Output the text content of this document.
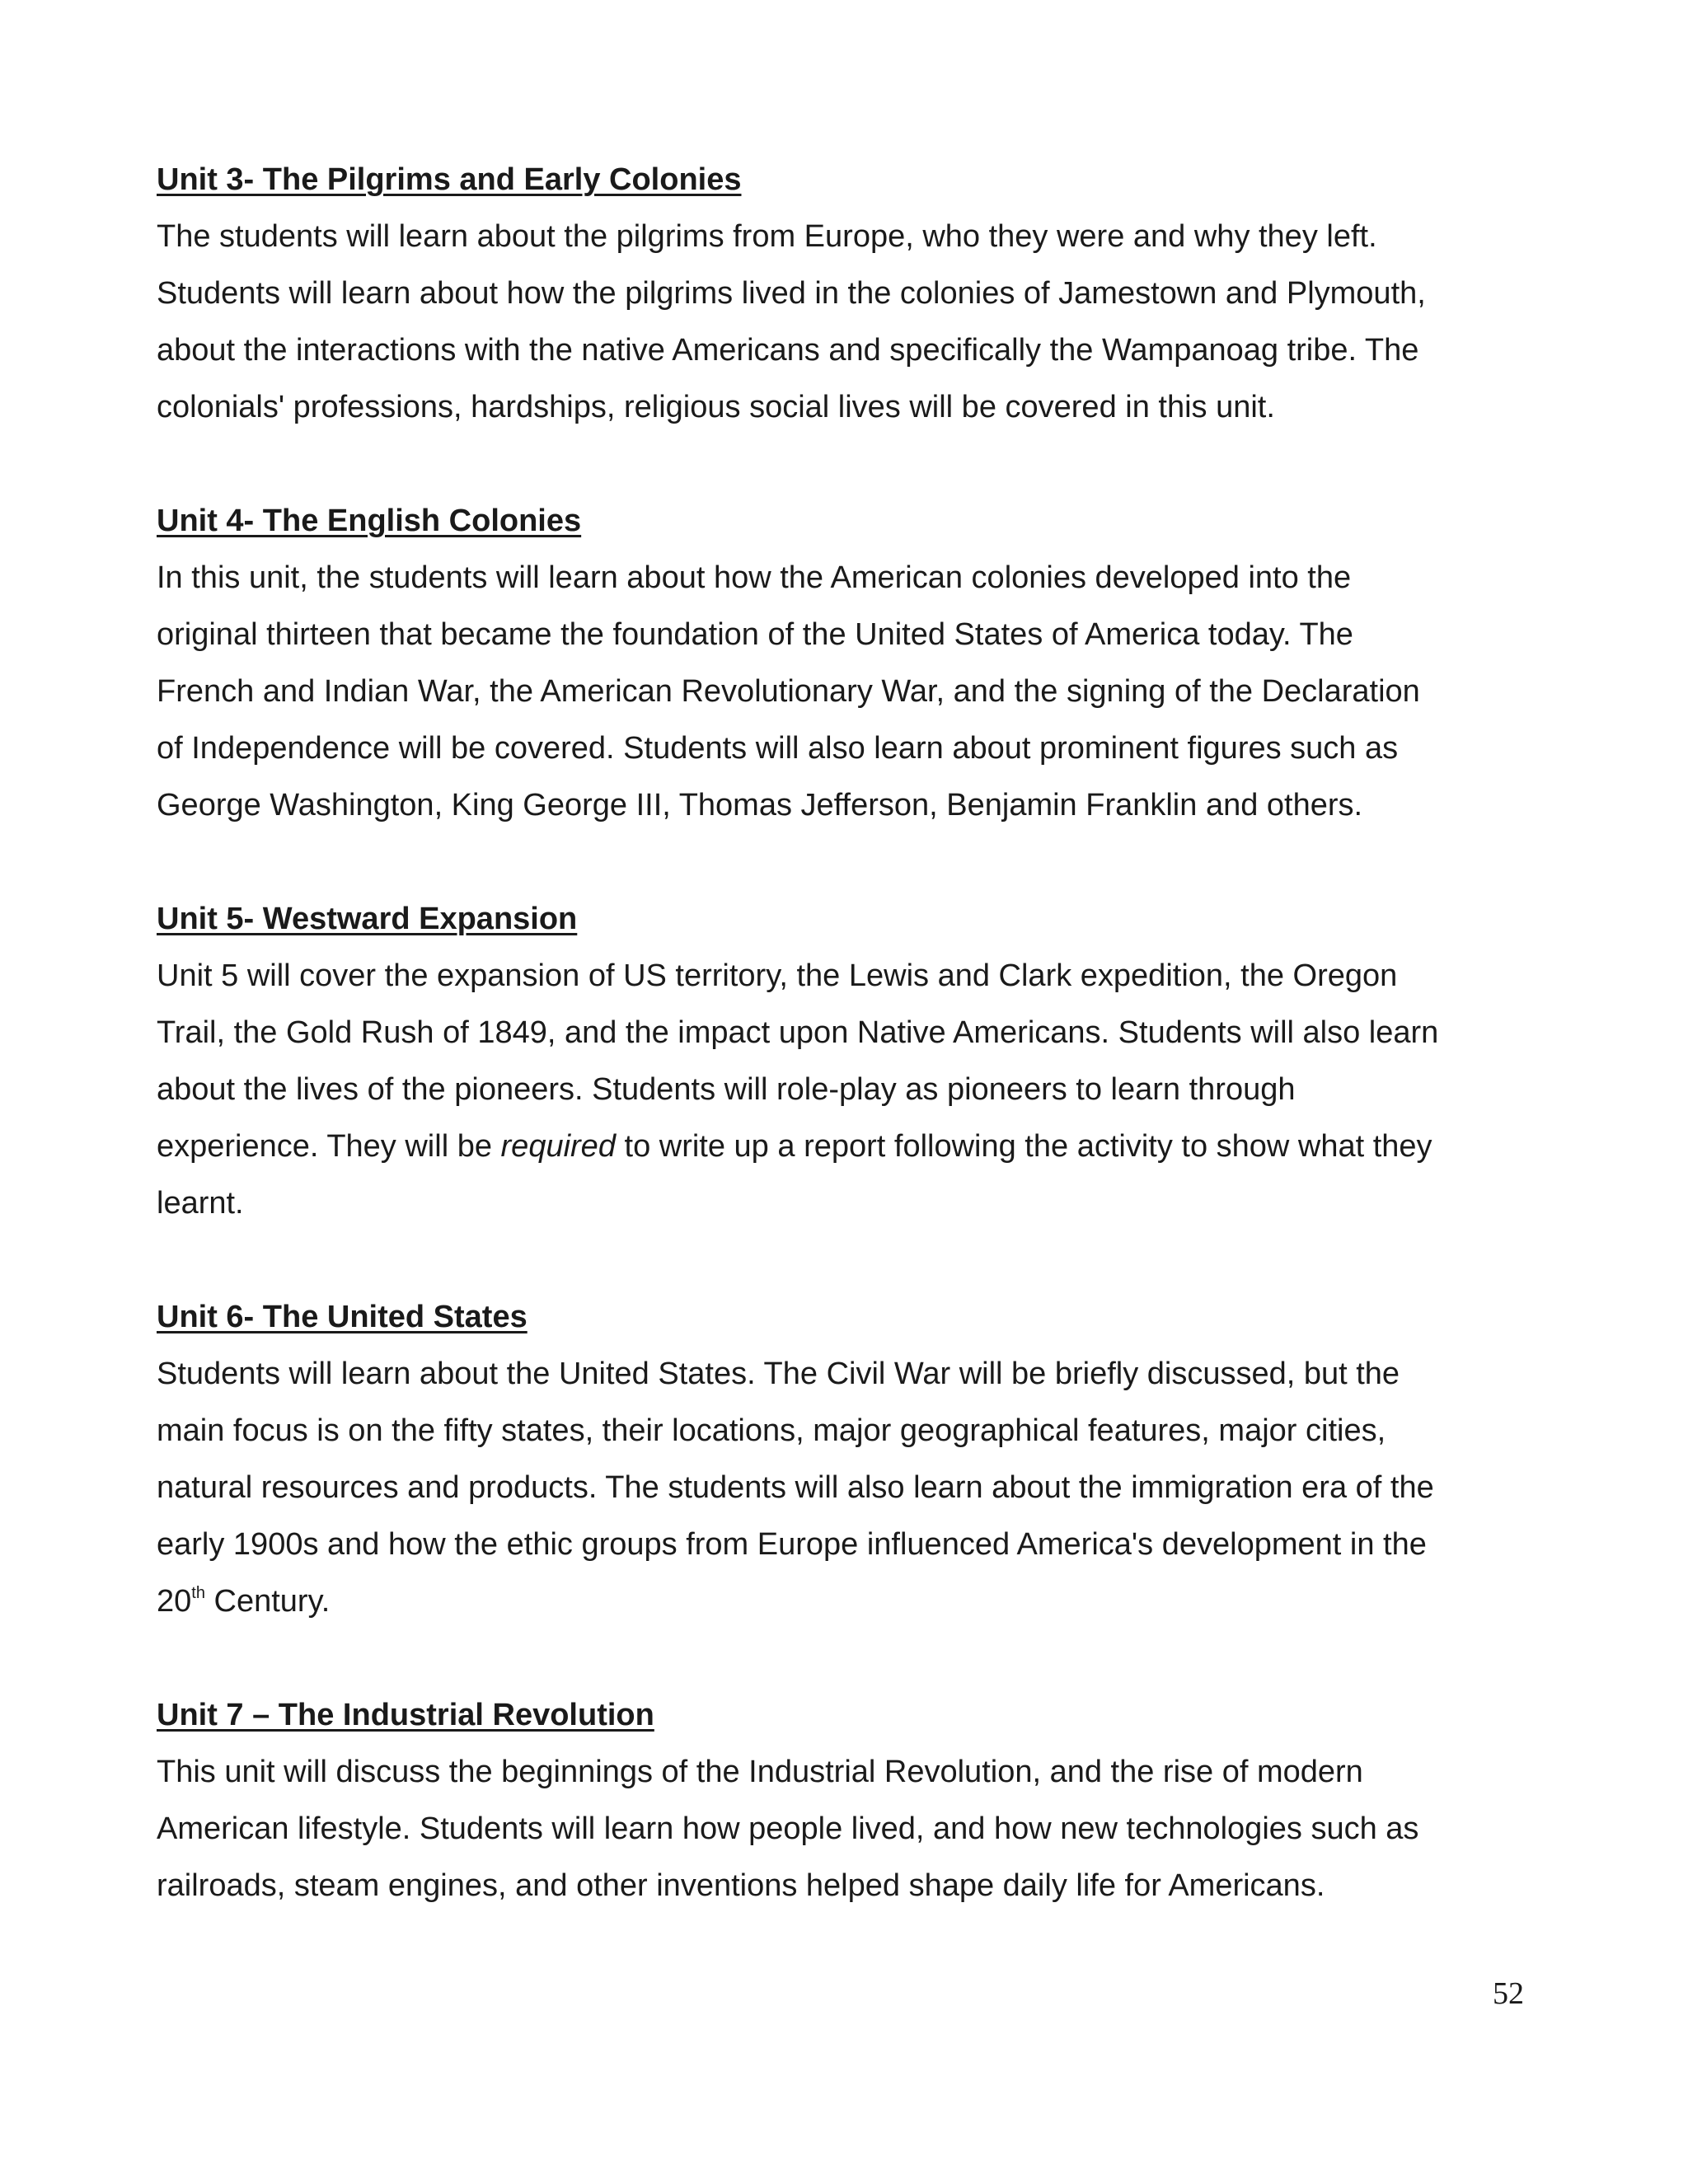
Unit 3- The Pilgrims and Early Colonies

The students will learn about the pilgrims from Europe, who they were and why they left.
Students will learn about how the pilgrims lived in the colonies of Jamestown and Plymouth,
about the interactions with the native Americans and specifically the Wampanoag tribe. The
colonials' professions, hardships, religious social lives will be covered in this unit.

Unit 4- The English Colonies

In this unit, the students will learn about how the American colonies developed into the
original thirteen that became the foundation of the United States of America today. The
French and Indian War, the American Revolutionary War, and the signing of the Declaration
of Independence will be covered. Students will also learn about prominent figures such as
George Washington, King George III, Thomas Jefferson, Benjamin Franklin and others.

Unit 5- Westward Expansion

Unit 5 will cover the expansion of US territory, the Lewis and Clark expedition, the Oregon
Trail, the Gold Rush of 1849, and the impact upon Native Americans. Students will also learn
about the lives of the pioneers. Students will role-play as pioneers to learn through
experience. They will be required to write up a report following the activity to show what they
learnt.

Unit 6- The United States

Students will learn about the United States. The Civil War will be briefly discussed, but the
main focus is on the fifty states, their locations, major geographical features, major cities,
natural resources and products. The students will also learn about the immigration era of the
early 1900s and how the ethic groups from Europe influenced America's development in the
20th Century.

Unit 7 – The Industrial Revolution

This unit will discuss the beginnings of the Industrial Revolution, and the rise of modern
American lifestyle. Students will learn how people lived, and how new technologies such as
railroads, steam engines, and other inventions helped shape daily life for Americans.

52
